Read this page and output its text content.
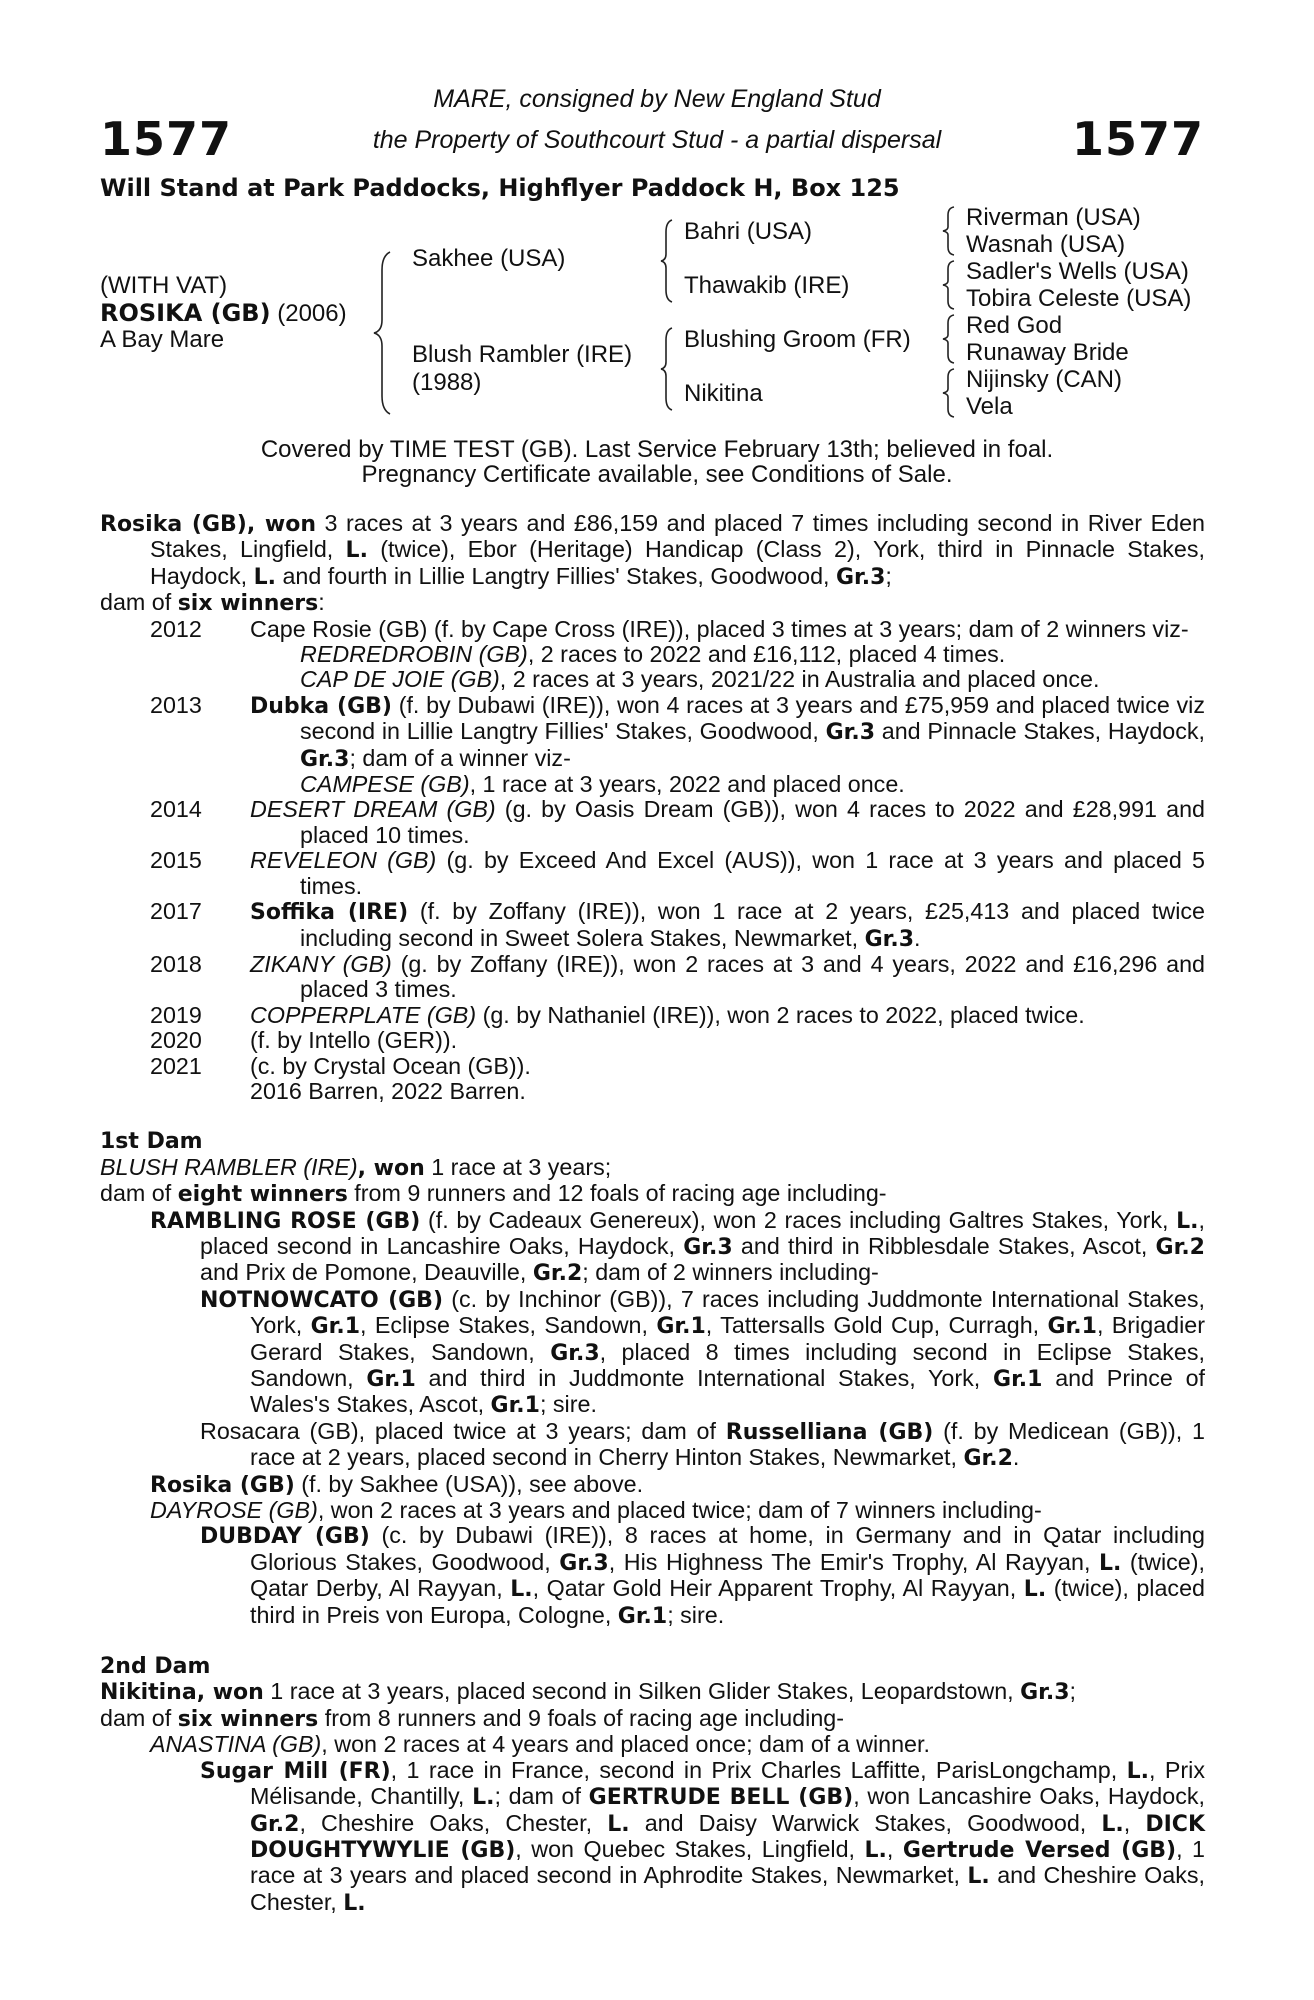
1577	1577
MARE, consigned by New England Stud
the Property of Southcourt Stud - a partial dispersal
Will Stand at Park Paddocks, Highflyer Paddock H, Box 125
(WITH VAT)
ROSIKA (GB) (2006)
A Bay Mare
Sakhee (USA)
Blush Rambler (IRE)
(1988)
Bahri (USA)
Thawakib (IRE)
Blushing Groom (FR)
Nikitina
Riverman (USA)
Wasnah (USA)
Sadler's Wells (USA)
Tobira Celeste (USA)
Red God
Runaway Bride
Nijinsky (CAN)
Vela
Covered by TIME TEST (GB). Last Service February 13th; believed in foal.
Pregnancy Certificate available, see Conditions of Sale.

Rosika (GB), won 3 races at 3 years and £86,159 and placed 7 times including second in River Eden Stakes, Lingfield, L. (twice), Ebor (Heritage) Handicap (Class 2), York, third in Pinnacle Stakes, Haydock, L. and fourth in Lillie Langtry Fillies' Stakes, Goodwood, Gr.3;

dam of six winners:

2012	Cape Rosie (GB) (f. by Cape Cross (IRE)), placed 3 times at 3 years; dam of 2 winners viz-

REDREDROBIN (GB), 2 races to 2022 and £16,112, placed 4 times.

CAP DE JOIE (GB), 2 races at 3 years, 2021/22 in Australia and placed once.

2013	Dubka (GB) (f. by Dubawi (IRE)), won 4 races at 3 years and £75,959 and placed twice viz second in Lillie Langtry Fillies' Stakes, Goodwood, Gr.3 and Pinnacle Stakes, Haydock, Gr.3; dam of a winner viz-

CAMPESE (GB), 1 race at 3 years, 2022 and placed once.

2014	DESERT DREAM (GB) (g. by Oasis Dream (GB)), won 4 races to 2022 and £28,991 and placed 10 times.
2015	REVELEON (GB) (g. by Exceed And Excel (AUS)), won 1 race at 3 years and placed 5 times.
2017	Soffika (IRE) (f. by Zoffany (IRE)), won 1 race at 2 years, £25,413 and placed twice including second in Sweet Solera Stakes, Newmarket, Gr.3.
2018	ZIKANY (GB) (g. by Zoffany (IRE)), won 2 races at 3 and 4 years, 2022 and £16,296 and placed 3 times.
2019	COPPERPLATE (GB) (g. by Nathaniel (IRE)), won 2 races to 2022, placed twice.
2020	(f. by Intello (GER)).
2021	(c. by Crystal Ocean (GB)).

2016 Barren, 2022 Barren.

1st Dam

BLUSH RAMBLER (IRE), won 1 race at 3 years;

dam of eight winners from 9 runners and 12 foals of racing age including-

RAMBLING ROSE (GB) (f. by Cadeaux Genereux), won 2 races including Galtres Stakes, York, L., placed second in Lancashire Oaks, Haydock, Gr.3 and third in Ribblesdale Stakes, Ascot, Gr.2 and Prix de Pomone, Deauville, Gr.2; dam of 2 winners including-

NOTNOWCATO (GB) (c. by Inchinor (GB)), 7 races including Juddmonte International Stakes, York, Gr.1, Eclipse Stakes, Sandown, Gr.1, Tattersalls Gold Cup, Curragh, Gr.1, Brigadier Gerard Stakes, Sandown, Gr.3, placed 8 times including second in Eclipse Stakes, Sandown, Gr.1 and third in Juddmonte International Stakes, York, Gr.1 and Prince of Wales's Stakes, Ascot, Gr.1; sire.

Rosacara (GB), placed twice at 3 years; dam of Russelliana (GB) (f. by Medicean (GB)), 1 race at 2 years, placed second in Cherry Hinton Stakes, Newmarket, Gr.2.

Rosika (GB) (f. by Sakhee (USA)), see above.

DAYROSE (GB), won 2 races at 3 years and placed twice; dam of 7 winners including-

DUBDAY (GB) (c. by Dubawi (IRE)), 8 races at home, in Germany and in Qatar including Glorious Stakes, Goodwood, Gr.3, His Highness The Emir's Trophy, Al Rayyan, L. (twice), Qatar Derby, Al Rayyan, L., Qatar Gold Heir Apparent Trophy, Al Rayyan, L. (twice), placed third in Preis von Europa, Cologne, Gr.1; sire.

2nd Dam

Nikitina, won 1 race at 3 years, placed second in Silken Glider Stakes, Leopardstown, Gr.3;

dam of six winners from 8 runners and 9 foals of racing age including-

ANASTINA (GB), won 2 races at 4 years and placed once; dam of a winner.

Sugar Mill (FR), 1 race in France, second in Prix Charles Laffitte, ParisLongchamp, L., Prix Mélisande, Chantilly, L.; dam of GERTRUDE BELL (GB), won Lancashire Oaks, Haydock, Gr.2, Cheshire Oaks, Chester, L. and Daisy Warwick Stakes, Goodwood, L., DICK DOUGHTYWYLIE (GB), won Quebec Stakes, Lingfield, L., Gertrude Versed (GB), 1 race at 3 years and placed second in Aphrodite Stakes, Newmarket, L. and Cheshire Oaks, Chester, L.
